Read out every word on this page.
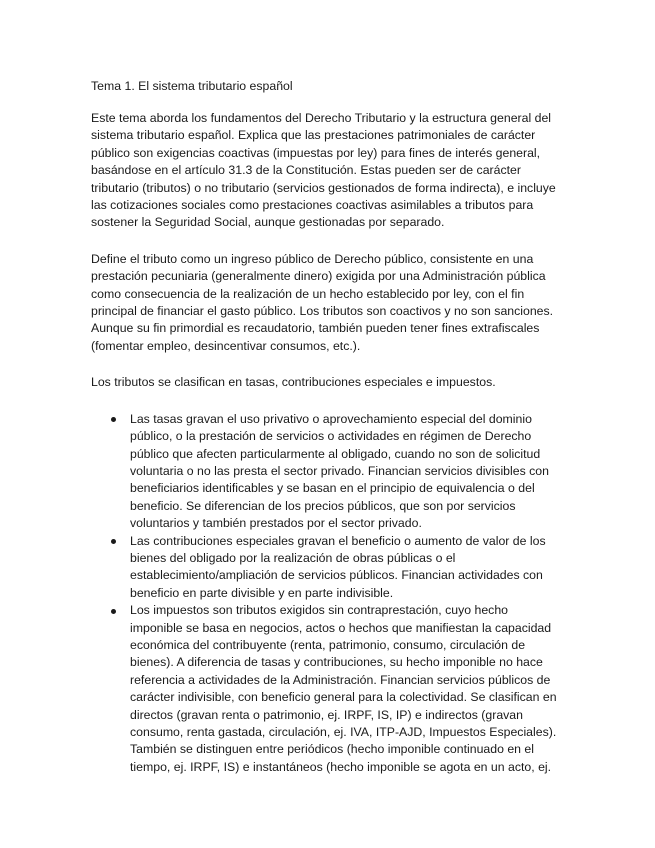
Tema 1. El sistema tributario español

Este tema aborda los fundamentos del Derecho Tributario y la estructura general del sistema tributario español. Explica que las prestaciones patrimoniales de carácter público son exigencias coactivas (impuestas por ley) para fines de interés general, basándose en el artículo 31.3 de la Constitución. Estas pueden ser de carácter tributario (tributos) o no tributario (servicios gestionados de forma indirecta), e incluye las cotizaciones sociales como prestaciones coactivas asimilables a tributos para sostener la Seguridad Social, aunque gestionadas por separado.

Define el tributo como un ingreso público de Derecho público, consistente en una prestación pecuniaria (generalmente dinero) exigida por una Administración pública como consecuencia de la realización de un hecho establecido por ley, con el fin principal de financiar el gasto público. Los tributos son coactivos y no son sanciones. Aunque su fin primordial es recaudatorio, también pueden tener fines extrafiscales (fomentar empleo, desincentivar consumos, etc.).

Los tributos se clasifican en tasas, contribuciones especiales e impuestos.

Las tasas gravan el uso privativo o aprovechamiento especial del dominio público, o la prestación de servicios o actividades en régimen de Derecho público que afecten particularmente al obligado, cuando no son de solicitud voluntaria o no las presta el sector privado. Financian servicios divisibles con beneficiarios identificables y se basan en el principio de equivalencia o del beneficio. Se diferencian de los precios públicos, que son por servicios voluntarios y también prestados por el sector privado.
Las contribuciones especiales gravan el beneficio o aumento de valor de los bienes del obligado por la realización de obras públicas o el establecimiento/ampliación de servicios públicos. Financian actividades con beneficio en parte divisible y en parte indivisible.
Los impuestos son tributos exigidos sin contraprestación, cuyo hecho imponible se basa en negocios, actos o hechos que manifiestan la capacidad económica del contribuyente (renta, patrimonio, consumo, circulación de bienes). A diferencia de tasas y contribuciones, su hecho imponible no hace referencia a actividades de la Administración. Financian servicios públicos de carácter indivisible, con beneficio general para la colectividad. Se clasifican en directos (gravan renta o patrimonio, ej. IRPF, IS, IP) e indirectos (gravan consumo, renta gastada, circulación, ej. IVA, ITP-AJD, Impuestos Especiales). También se distinguen entre periódicos (hecho imponible continuado en el tiempo, ej. IRPF, IS) e instantáneos (hecho imponible se agota en un acto, ej.
